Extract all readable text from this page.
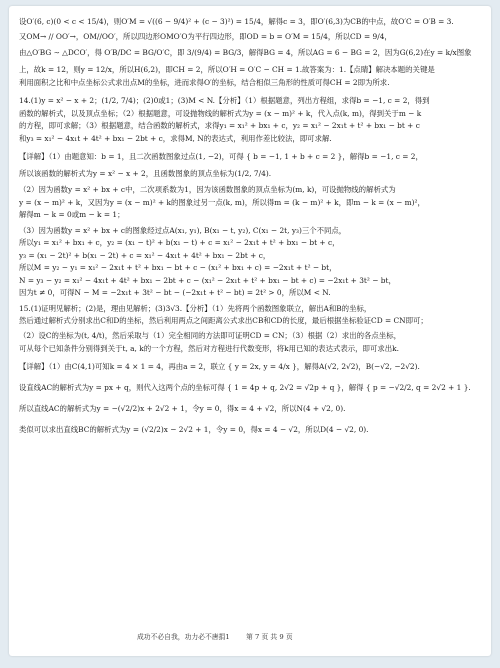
设O′(6, c)(0 < c < 15/4)，则O′M = √((6 − 9/4)² + (c − 3)²) = 15/4，解得c = 3，即O′(6,3)为CB的中点，故O′C = O′B = 3.
又OM→ // OO′→，OM//OO′，所以四边形OMO′O为平行四边形，即OD = b = O′M = 15/4，所以CD = 9/4，
由△O′BG ∼ △DCO′，得 O′B/DC = BG/O′C，即 3/(9/4) = BG/3，解得BG = 4，所以AG = 6 − BG = 2，因为G(6,2)在y = k/x图象
上，故k = 12，则y = 12/x，所以H(6,2)，即CH = 2，所以O′H = O′C − CH = 1.故答案为：1.【点睛】解决本题的关键是
利用面积之比和中点坐标公式求出点M的坐标，进而求得O′的坐标，结合相似三角形的性质可得CH = 2即为所求.
14.(1)y = x² − x + 2；(1/2, 7/4)；(2)0或1；(3)M < N.【分析】（1）根据题意，列出方程组，求得b = −1, c = 2，得到
函数的解析式，以及顶点坐标；（2）根据题意，可设抛物线的解析式为y = (x − m)² + k，代入点(k, m)，得到关于m − k
的方程，即可求解；（3）根据题意，结合函数的解析式，求得y₁ = x₁² + bx₁ + c，y₂ = x₁² − 2x₁t + t² + bx₁ − bt + c
和y₃ = x₁² − 4x₁t + 4t² + bx₁ − 2bt + c，求得M, N的表达式，利用作差比较法，即可求解.
【详解】（1）由题意知：b = 1，且二次函数图象过点(1, −2)，可得 { b = −1, 1 + b + c = 2 }，解得b = −1, c = 2，
所以该函数的解析式为y = x² − x + 2，且函数图象的顶点坐标为(1/2, 7/4).
（2）因为函数y = x² + bx + c中，二次项系数为1，因为该函数图象的顶点坐标为(m, k)，可设抛物线的解析式为
y = (x − m)² + k，又因为y = (x − m)² + k的图象过另一点(k, m)，所以得m = (k − m)² + k，即m − k = (x − m)²，
解得m − k = 0或m − k = 1；
（3）因为函数y = x² + bx + c的图象经过点A(x₁, y₁), B(x₁ − t, y₂), C(x₁ − 2t, y₃)三个不同点，
所以y₁ = x₁² + bx₁ + c，y₂ = (x₁ − t)² + b(x₁ − t) + c = x₁² − 2x₁t + t² + bx₁ − bt + c，
y₃ = (x₁ − 2t)² + b(x₁ − 2t) + c = x₁² − 4x₁t + 4t² + bx₁ − 2bt + c，
所以M = y₂ − y₁ = x₁² − 2x₁t + t² + bx₁ − bt + c − (x₁² + bx₁ + c) = −2x₁t + t² − bt，
N = y₃ − y₂ = x₁² − 4x₁t + 4t² + bx₁ − 2bt + c − (x₁² − 2x₁t + t² + bx₁ − bt + c) = −2x₁t + 3t² − bt，
因为t ≠ 0，可得N − M = −2x₁t + 3t² − bt − (−2x₁t + t² − bt) = 2t² > 0，所以M < N.
15.(1)证明见解析；(2)是，理由见解析；(3)3√3.【分析】（1）先将两个函数图象联立，解出A和B的坐标，
然后通过解析式分别求出C和D的坐标，然后利用两点之间距离公式求出CB和CD的长度，最后根据坐标验证CD = CN即可；
（2）设C的坐标为(t, 4/t)，然后采取与（1）完全相同的方法即可证明CD = CN；（3）根据（2）求出的各点坐标，
可从每个已知条件分别得到关于t, a, k的一个方程，然后对方程进行代数变形，将k用已知的表达式表示，即可求出k.
【详解】（1）由C(4,1)可知k = 4 × 1 = 4，再由a = 2，联立 { y = 2x, y = 4/x }，解得A(√2, 2√2)，B(−√2, −2√2).
设直线AC的解析式为y = px + q，则代入这两个点的坐标可得 { 1 = 4p + q, 2√2 = √2p + q }，解得 { p = −√2/2, q = 2√2 + 1 }.
所以直线AC的解析式为y = −(√2/2)x + 2√2 + 1，令y = 0，得x = 4 + √2，所以N(4 + √2, 0).
类似可以求出直线BC的解析式为y = (√2/2)x − 2√2 + 1，令y = 0，得x = 4 − √2，所以D(4 − √2, 0).
成功不必自我，功力必不唐捐1 第 7 页 共 9 页
